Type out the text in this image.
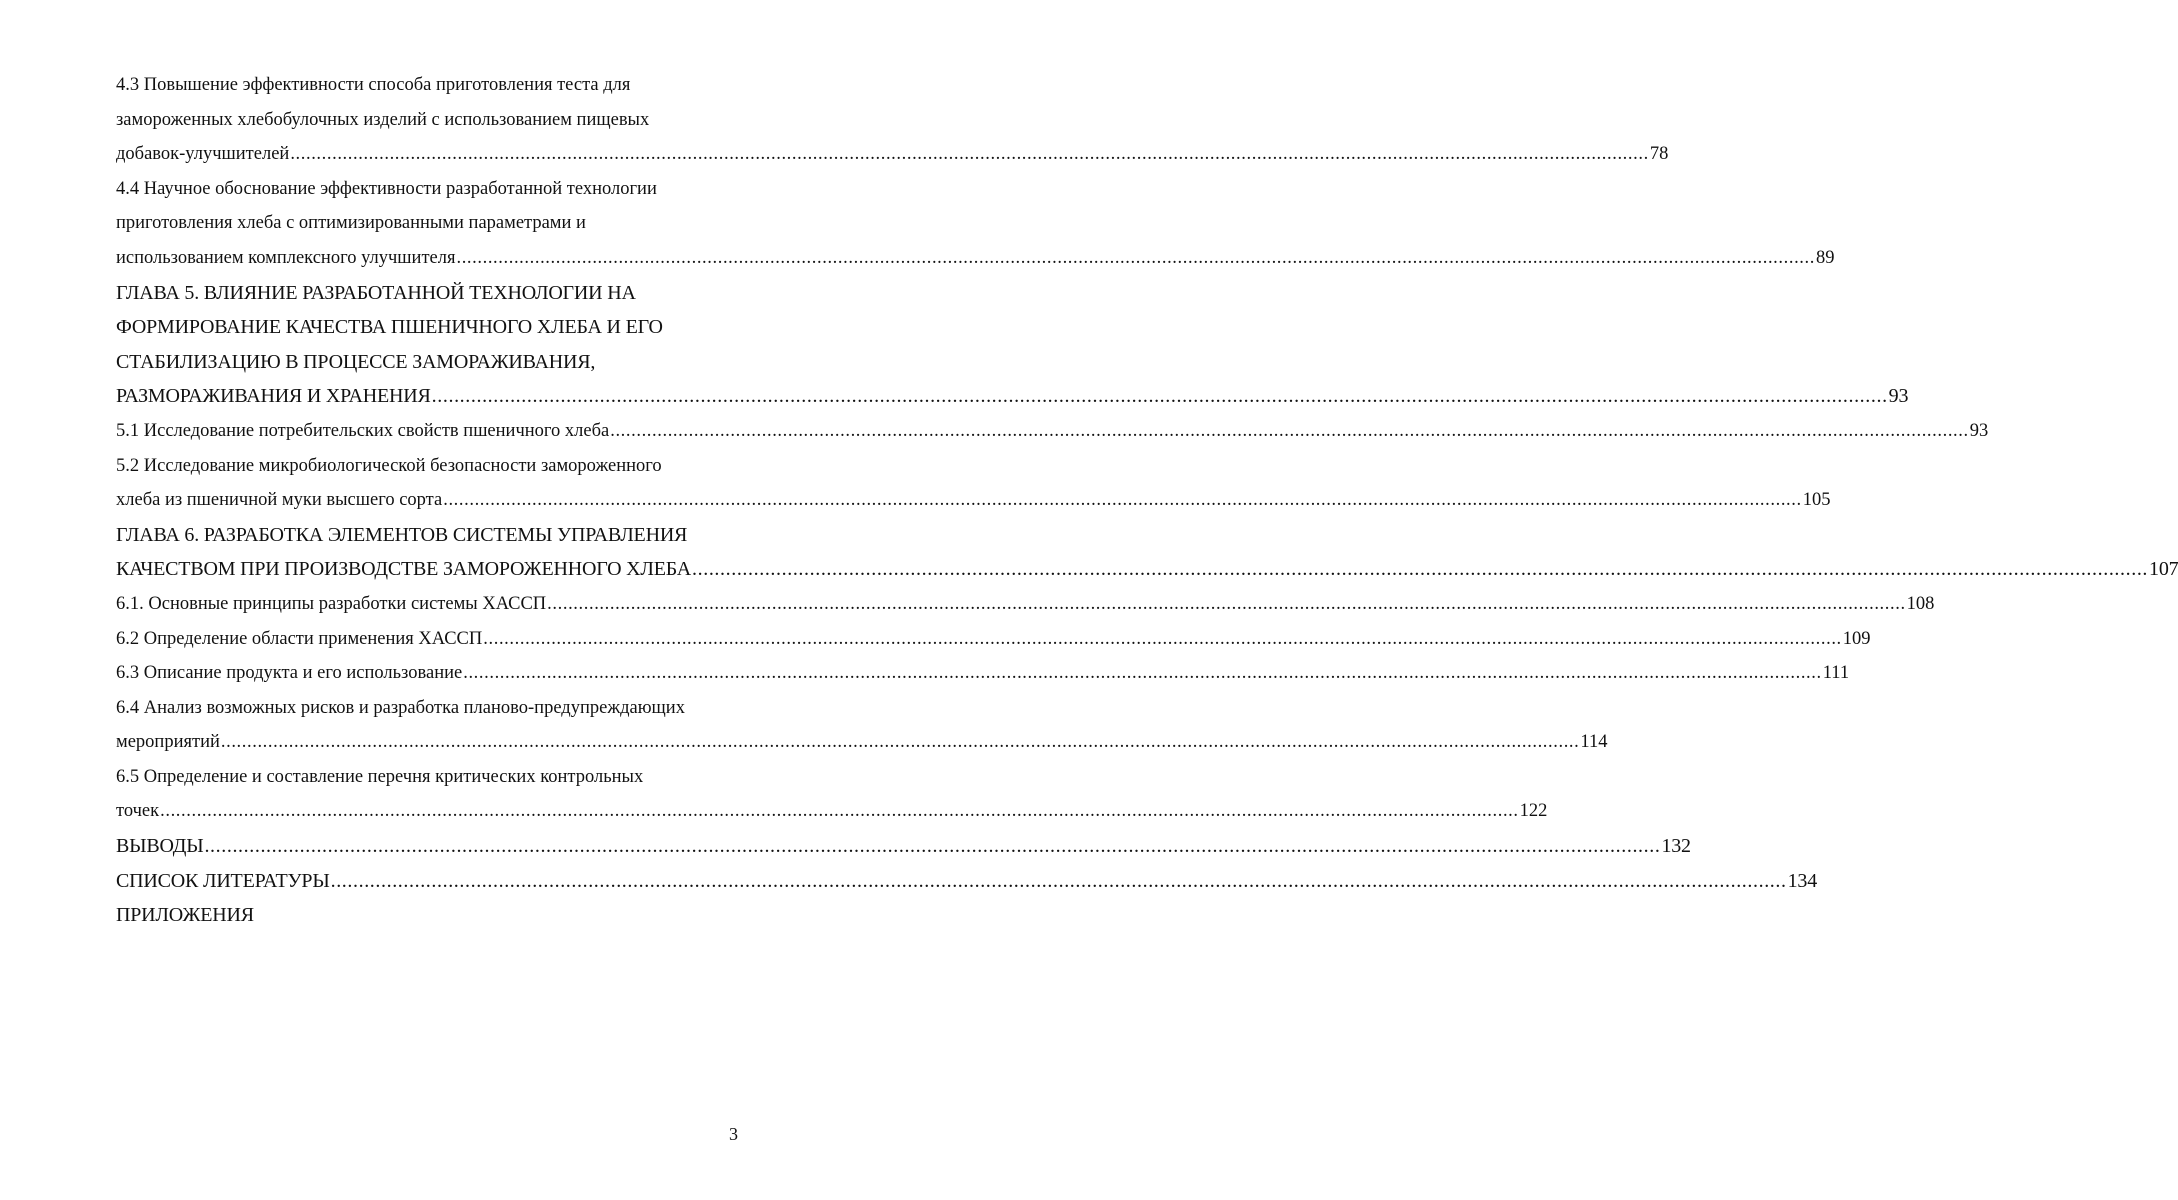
4.3 Повышение эффективности способа приготовления теста для
замороженных хлебобулочных изделий с использованием пищевых
добавок-улучшителей .................................................................................................................................................................................................................................................................... 78
4.4 Научное обоснование эффективности разработанной технологии
приготовления хлеба с оптимизированными параметрами и
использованием комплексного улучшителя .................................................................................................................................................................................................................................................................... 89
ГЛАВА 5. ВЛИЯНИЕ РАЗРАБОТАННОЙ ТЕХНОЛОГИИ НА
ФОРМИРОВАНИЕ КАЧЕСТВА ПШЕНИЧНОГО ХЛЕБА И ЕГО
СТАБИЛИЗАЦИЮ В ПРОЦЕССЕ ЗАМОРАЖИВАНИЯ,
РАЗМОРАЖИВАНИЯ И ХРАНЕНИЯ .................................................................................................................................................................................................................................................................... 93
5.1 Исследование потребительских свойств пшеничного хлеба .................................................................................................................................................................................................................................................................... 93
5.2 Исследование микробиологической безопасности замороженного
хлеба из пшеничной муки высшего сорта .................................................................................................................................................................................................................................................................... 105
ГЛАВА 6. РАЗРАБОТКА ЭЛЕМЕНТОВ СИСТЕМЫ УПРАВЛЕНИЯ
КАЧЕСТВОМ ПРИ ПРОИЗВОДСТВЕ ЗАМОРОЖЕННОГО ХЛЕБА .................................................................................................................................................................................................................................................................... 107
6.1. Основные принципы разработки системы ХАССП .................................................................................................................................................................................................................................................................... 108
6.2 Определение области применения ХАССП .................................................................................................................................................................................................................................................................... 109
6.3 Описание продукта и его использование .................................................................................................................................................................................................................................................................... 111
6.4 Анализ возможных рисков и разработка планово-предупреждающих
мероприятий .................................................................................................................................................................................................................................................................... 114
6.5 Определение и составление перечня критических контрольных
точек .................................................................................................................................................................................................................................................................... 122
ВЫВОДЫ .................................................................................................................................................................................................................................................................... 132
СПИСОК ЛИТЕРАТУРЫ .................................................................................................................................................................................................................................................................... 134
ПРИЛОЖЕНИЯ
3
